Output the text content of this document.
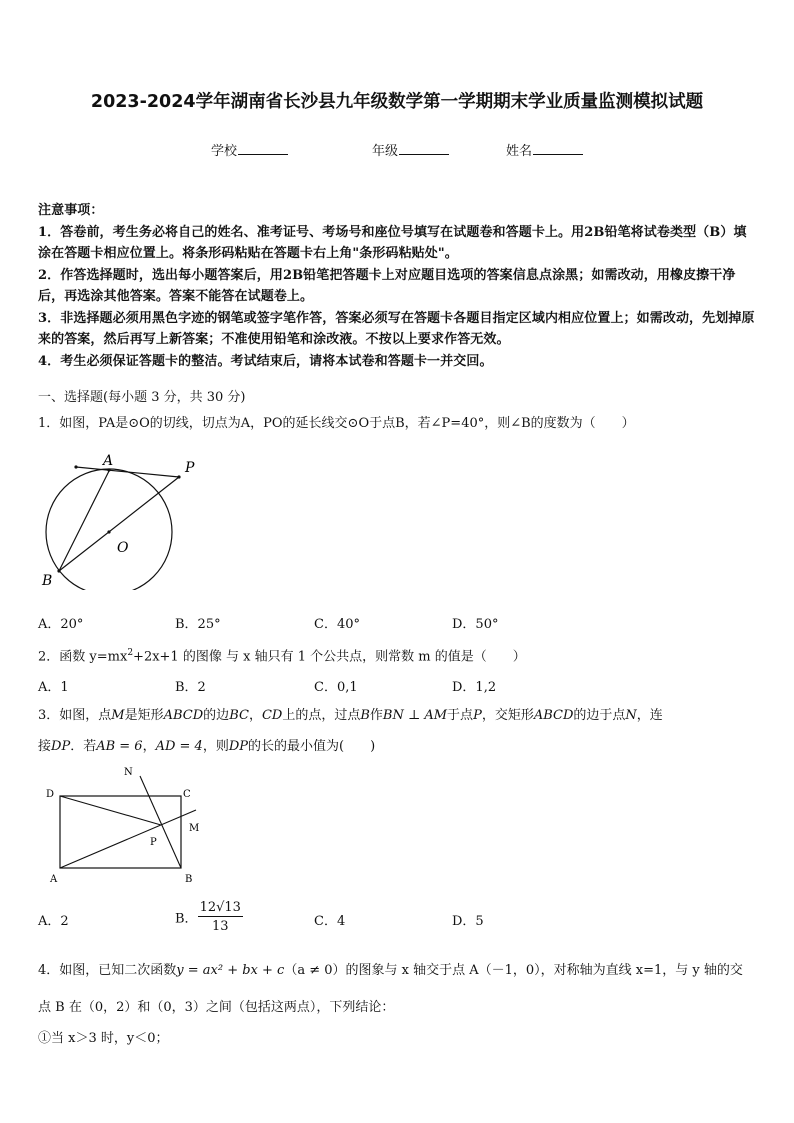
2023-2024学年湖南省长沙县九年级数学第一学期期末学业质量监测模拟试题
学校	年级	姓名

注意事项：

1．答卷前，考生务必将自己的姓名、准考证号、考场号和座位号填写在试题卷和答题卡上。用2B铅笔将试卷类型（B）填涂在答题卡相应位置上。将条形码粘贴在答题卡右上角"条形码粘贴处"。

2．作答选择题时，选出每小题答案后，用2B铅笔把答题卡上对应题目选项的答案信息点涂黑；如需改动，用橡皮擦干净后，再选涂其他答案。答案不能答在试题卷上。

3．非选择题必须用黑色字迹的钢笔或签字笔作答，答案必须写在答题卡各题目指定区域内相应位置上；如需改动，先划掉原来的答案，然后再写上新答案；不准使用铅笔和涂改液。不按以上要求作答无效。

4．考生必须保证答题卡的整洁。考试结束后，请将本试卷和答题卡一并交回。

一、选择题(每小题 3 分，共 30 分)
1．如图，PA是⊙O的切线，切点为A，PO的延长线交⊙O于点B，若∠P=40°，则∠B的度数为（　　）
A	P
O
B
A．20°	B．25°	C．40°	D．50°
2．函数 $y=mx^2+2x+1$ 的图像 与 x 轴只有 1 个公共点，则常数 m 的值是（　　）
A．1	B．2	C．0,1	D．1,2
3．如图，点M是矩形ABCD的边BC，CD上的点，过点B作BN ⊥ AM于点P，交矩形ABCD的边于点N，连
接DP．若AB = 6，AD = 4，则DP的长的最小值为(　　)
N
D	C
M
P
A	B
A．2	B． $\frac{12√13}{13}$	C．4	D．5
4．如图，已知二次函数y = ax² + bx + c（a ≠ 0）的图象与 x 轴交于点 A（－1，0），对称轴为直线 x=1，与 y 轴的交
点 B 在（0，2）和（0，3）之间（包括这两点），下列结论：
①当 x＞3 时，y＜0；
